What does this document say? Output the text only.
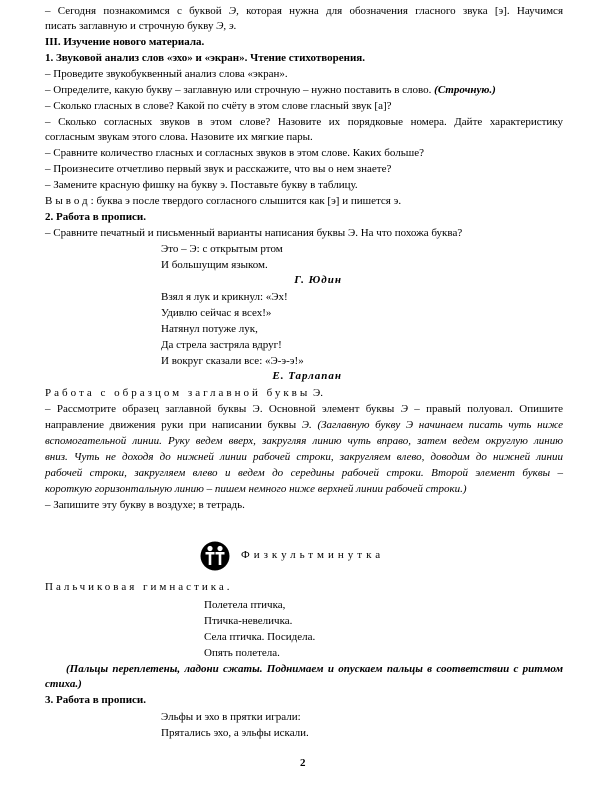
– Сегодня познакомимся с буквой Э, которая нужна для обозначения гласного звука [э]. Научимся

писать заглавную и строчную букву Э, э.

III. Изучение нового материала.

1. Звуковой анализ слов «эхо» и «экран». Чтение стихотворения.

– Проведите звукобуквенный анализ слова «экран».

– Определите, какую букву – заглавную или строчную – нужно поставить в слово. (Строчную.)

– Сколько гласных в слове? Какой по счёту в этом слове гласный звук [а]?

– Сколько согласных звуков в этом слове? Назовите их порядковые номера. Дайте характеристику

согласным звукам этого слова. Назовите их мягкие пары.

– Сравните количество гласных и согласных звуков в этом слове. Каких больше?

– Произнесите отчетливо первый звук и расскажите, что вы о нем знаете?

– Замените красную фишку на букву э. Поставьте букву в таблицу.

Вывод: буква э после твердого согласного слышится как [э] и пишется э.

2. Работа в прописи.

– Сравните печатный и письменный варианты написания буквы Э. На что похожа буква?

Это – Э: с открытым ртом

И большущим языком.

Г. Юдин

Взял я лук и крикнул: «Эх!

Удивлю сейчас я всех!»

Натянул потуже лук,

Да стрела застряла вдруг!

И вокруг сказали все: «Э-э-э!»

Е. Тарлапан

Работа с образцом заглавной буквы Э.

– Рассмотрите образец заглавной буквы Э. Основной элемент буквы Э – правый полуовал. Опишите

направление движения руки при написании буквы Э. (Заглавную букву Э начинаем писать чуть ниже

вспомогательной линии. Руку ведем вверх, закругляя линию чуть вправо, затем ведем округлую линию

вниз. Чуть не доходя до нижней линии рабочей строки, закругляем влево, доводим до нижней линии

рабочей строки, закругляем влево и ведем до середины рабочей строки. Второй элемент буквы –

короткую горизонтальную линию – пишем немного ниже верхней линии рабочей строки.)

– Запишите эту букву в воздухе; в тетрадь.

Физкультминутка

Пальчиковая гимнастика.

Полетела птичка,

Птичка-невеличка.

Села птичка. Посидела.

Опять полетела.

(Пальцы переплетены, ладони сжаты. Поднимаем и опускаем пальцы в соответствии с ритмом

стиха.)

3. Работа в прописи.

Эльфы и эхо в прятки играли:

Прятались эхо, а эльфы искали.

2
